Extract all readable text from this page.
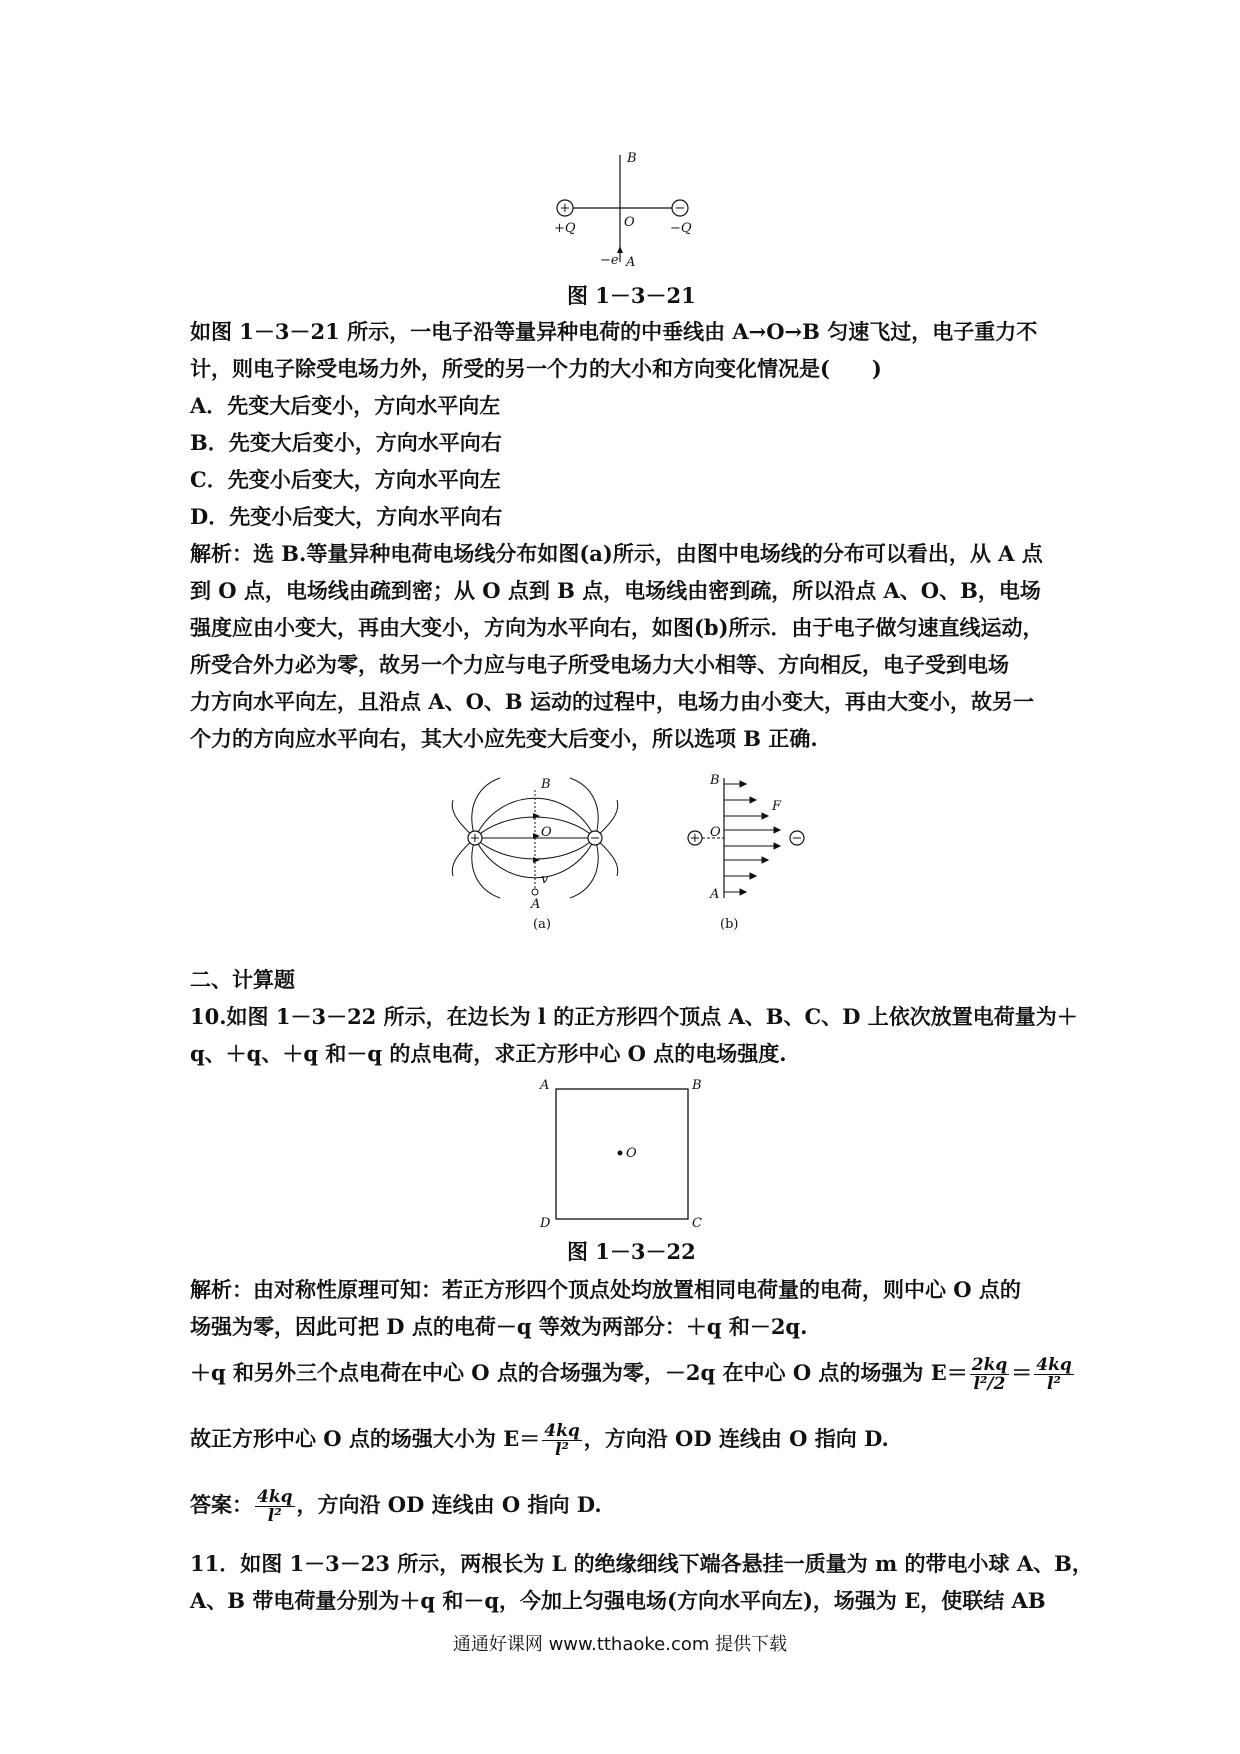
+	−
B
O
+Q	−Q
−e A
图 1－3－21
如图 1－3－21 所示，一电子沿等量异种电荷的中垂线由 A→O→B 匀速飞过，电子重力不
计，则电子除受电场力外，所受的另一个力的大小和方向变化情况是(　　)
A．先变大后变小，方向水平向左
B．先变大后变小，方向水平向右
C．先变小后变大，方向水平向左
D．先变小后变大，方向水平向右
解析：选 B.等量异种电荷电场线分布如图(a)所示，由图中电场线的分布可以看出，从 A 点
到 O 点，电场线由疏到密；从 O 点到 B 点，电场线由密到疏，所以沿点 A、O、B，电场
强度应由小变大，再由大变小，方向为水平向右，如图(b)所示．由于电子做匀速直线运动，
所受合外力必为零，故另一个力应与电子所受电场力大小相等、方向相反，电子受到电场
力方向水平向左，且沿点 A、O、B 运动的过程中，电场力由小变大，再由大变小，故另一
个力的方向应水平向右，其大小应先变大后变小，所以选项 B 正确.
+	−
B
O
v
A
(a)
+	−
B
O
F
A
(b)
二、计算题
10.如图 1－3－22 所示，在边长为 l 的正方形四个顶点 A、B、C、D 上依次放置电荷量为＋
q、＋q、＋q 和－q 的点电荷，求正方形中心 O 点的电场强度.
A	B
C
D
O
图 1－3－22
解析：由对称性原理可知：若正方形四个顶点处均放置相同电荷量的电荷，则中心 O 点的
场强为零，因此可把 D 点的电荷－q 等效为两部分：＋q 和－2q.
＋q 和另外三个点电荷在中心 O 点的合场强为零，－2q 在中心 O 点的场强为 $E= \frac{2kq}{\text{l²/2}} = \frac{4kq}{\text{l²}}$
故正方形中心 O 点的场强大小为 $E= \frac{4kq}{\text{l²}}$ ，方向沿 OD 连线由 O 指向 D.
答案： $\frac{4kq}{\text{l²}}$ ，方向沿 OD 连线由 O 指向 D.
11．如图 1－3－23 所示，两根长为 L 的绝缘细线下端各悬挂一质量为 m 的带电小球 A、B，
A、B 带电荷量分别为＋q 和－q，今加上匀强电场(方向水平向左)，场强为 E，使联结 AB
通通好课网 www.tthaoke.com 提供下载
